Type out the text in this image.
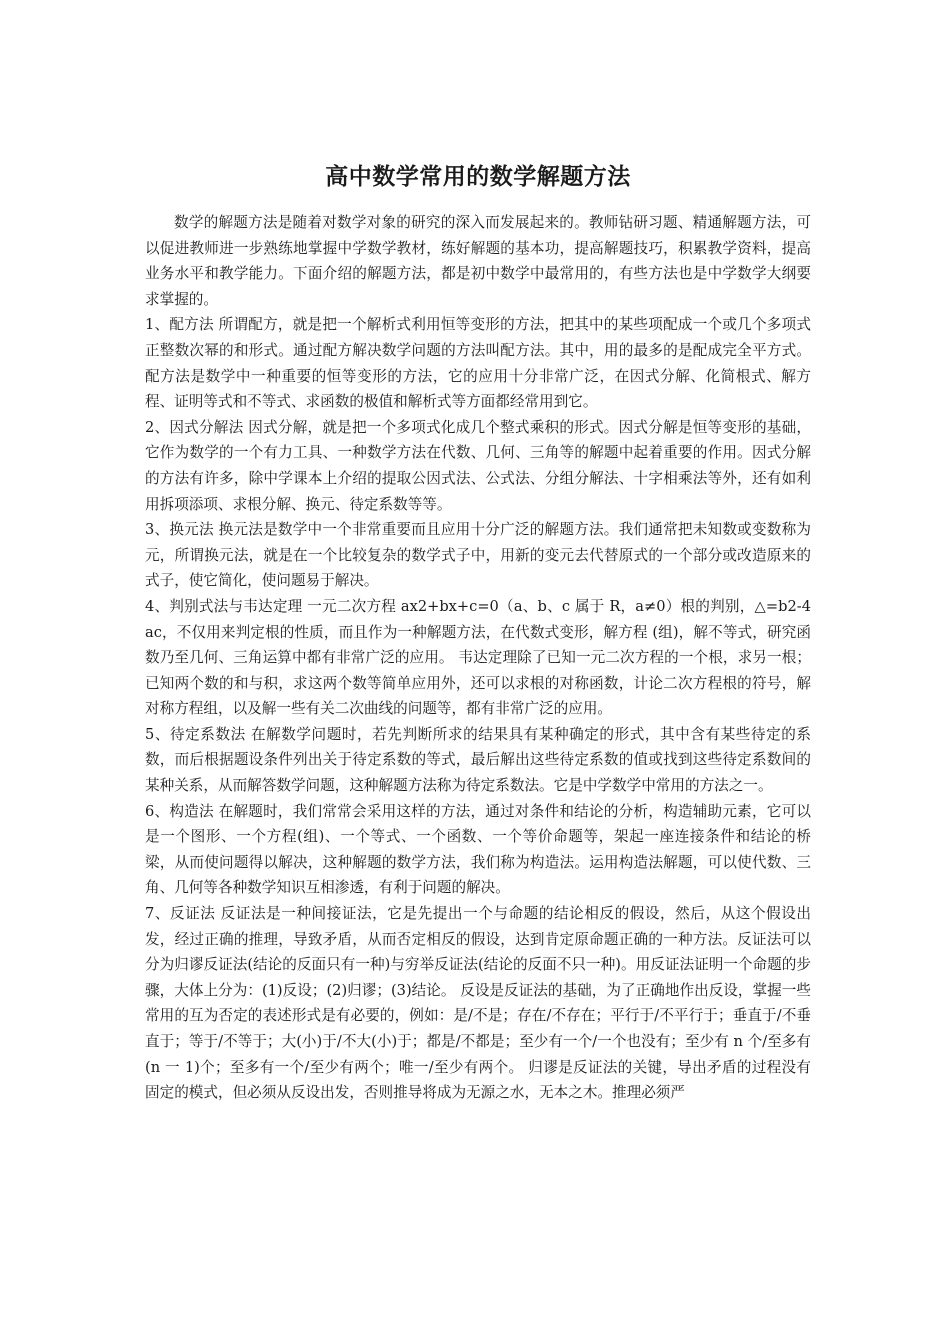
高中数学常用的数学解题方法

数学的解题方法是随着对数学对象的研究的深入而发展起来的。教师钻研习题、精通解题方法，可以促进教师进一步熟练地掌握中学数学教材，练好解题的基本功，提高解题技巧，积累教学资料，提高业务水平和教学能力。下面介绍的解题方法，都是初中数学中最常用的，有些方法也是中学数学大纲要求掌握的。

1、配方法 所谓配方，就是把一个解析式利用恒等变形的方法，把其中的某些项配成一个或几个多项式正整数次幂的和形式。通过配方解决数学问题的方法叫配方法。其中，用的最多的是配成完全平方式。配方法是数学中一种重要的恒等变形的方法，它的应用十分非常广泛，在因式分解、化简根式、解方程、证明等式和不等式、求函数的极值和解析式等方面都经常用到它。

2、因式分解法 因式分解，就是把一个多项式化成几个整式乘积的形式。因式分解是恒等变形的基础，它作为数学的一个有力工具、一种数学方法在代数、几何、三角等的解题中起着重要的作用。因式分解的方法有许多，除中学课本上介绍的提取公因式法、公式法、分组分解法、十字相乘法等外，还有如利用拆项添项、求根分解、换元、待定系数等等。

3、换元法 换元法是数学中一个非常重要而且应用十分广泛的解题方法。我们通常把未知数或变数称为元，所谓换元法，就是在一个比较复杂的数学式子中，用新的变元去代替原式的一个部分或改造原来的式子，使它简化，使问题易于解决。

4、判别式法与韦达定理 一元二次方程 ax2+bx+c=0（a、b、c 属于 R，a≠0）根的判别，△=b2-4ac，不仅用来判定根的性质，而且作为一种解题方法，在代数式变形，解方程 (组)，解不等式，研究函数乃至几何、三角运算中都有非常广泛的应用。 韦达定理除了已知一元二次方程的一个根，求另一根；已知两个数的和与积，求这两个数等简单应用外，还可以求根的对称函数，计论二次方程根的符号，解对称方程组，以及解一些有关二次曲线的问题等，都有非常广泛的应用。

5、待定系数法 在解数学问题时，若先判断所求的结果具有某种确定的形式，其中含有某些待定的系数，而后根据题设条件列出关于待定系数的等式，最后解出这些待定系数的值或找到这些待定系数间的某种关系，从而解答数学问题，这种解题方法称为待定系数法。它是中学数学中常用的方法之一。

6、构造法 在解题时，我们常常会采用这样的方法，通过对条件和结论的分析，构造辅助元素，它可以是一个图形、一个方程(组)、一个等式、一个函数、一个等价命题等，架起一座连接条件和结论的桥梁，从而使问题得以解决，这种解题的数学方法，我们称为构造法。运用构造法解题，可以使代数、三角、几何等各种数学知识互相渗透，有利于问题的解决。

7、反证法 反证法是一种间接证法，它是先提出一个与命题的结论相反的假设，然后，从这个假设出发，经过正确的推理，导致矛盾，从而否定相反的假设，达到肯定原命题正确的一种方法。反证法可以分为归谬反证法(结论的反面只有一种)与穷举反证法(结论的反面不只一种)。用反证法证明一个命题的步骤，大体上分为：(1)反设；(2)归谬；(3)结论。 反设是反证法的基础，为了正确地作出反设，掌握一些常用的互为否定的表述形式是有必要的，例如：是/不是；存在/不存在；平行于/不平行于；垂直于/不垂直于；等于/不等于；大(小)于/不大(小)于；都是/不都是；至少有一个/一个也没有；至少有 n 个/至多有(n 一 1)个；至多有一个/至少有两个；唯一/至少有两个。 归谬是反证法的关键，导出矛盾的过程没有固定的模式，但必须从反设出发，否则推导将成为无源之水，无本之木。推理必须严
